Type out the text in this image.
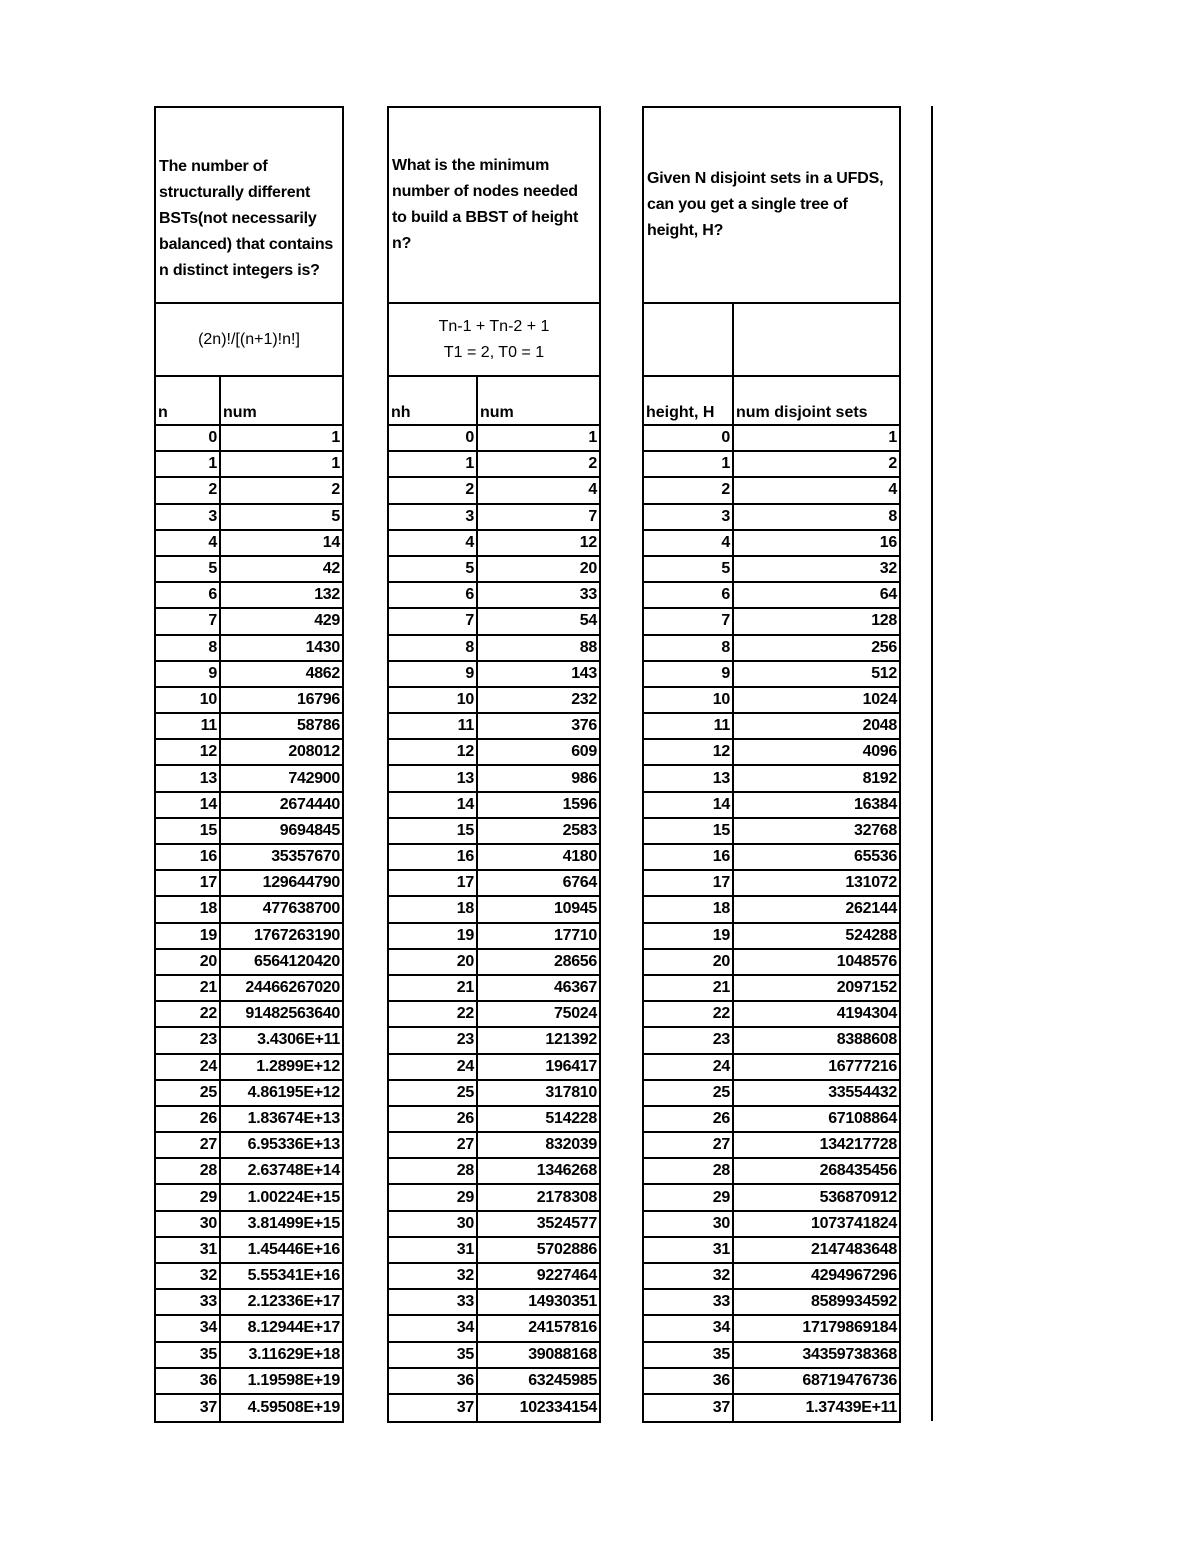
The number of structurally different BSTs(not necessarily balanced) that contains n distinct integers is?
(2n)!/[(n+1)!n!]
n	num
0	1
1	1
2	2
3	5
4	14
5	42
6	132
7	429
8	1430
9	4862
10	16796
11	58786
12	208012
13	742900
14	2674440
15	9694845
16	35357670
17	129644790
18	477638700
19	1767263190
20	6564120420
21	24466267020
22	91482563640
23	3.4306E+11
24	1.2899E+12
25	4.86195E+12
26	1.83674E+13
27	6.95336E+13
28	2.63748E+14
29	1.00224E+15
30	3.81499E+15
31	1.45446E+16
32	5.55341E+16
33	2.12336E+17
34	8.12944E+17
35	3.11629E+18
36	1.19598E+19
37	4.59508E+19
What is the minimum number of nodes needed to build a BBST of height n?
Tn-1 + Tn-2 + 1
T1 = 2, T0 = 1
nh	num
0	1
1	2
2	4
3	7
4	12
5	20
6	33
7	54
8	88
9	143
10	232
11	376
12	609
13	986
14	1596
15	2583
16	4180
17	6764
18	10945
19	17710
20	28656
21	46367
22	75024
23	121392
24	196417
25	317810
26	514228
27	832039
28	1346268
29	2178308
30	3524577
31	5702886
32	9227464
33	14930351
34	24157816
35	39088168
36	63245985
37	102334154
Given N disjoint sets in a UFDS, can you get a single tree of height, H?
height, H	num disjoint sets
0	1
1	2
2	4
3	8
4	16
5	32
6	64
7	128
8	256
9	512
10	1024
11	2048
12	4096
13	8192
14	16384
15	32768
16	65536
17	131072
18	262144
19	524288
20	1048576
21	2097152
22	4194304
23	8388608
24	16777216
25	33554432
26	67108864
27	134217728
28	268435456
29	536870912
30	1073741824
31	2147483648
32	4294967296
33	8589934592
34	17179869184
35	34359738368
36	68719476736
37	1.37439E+11
